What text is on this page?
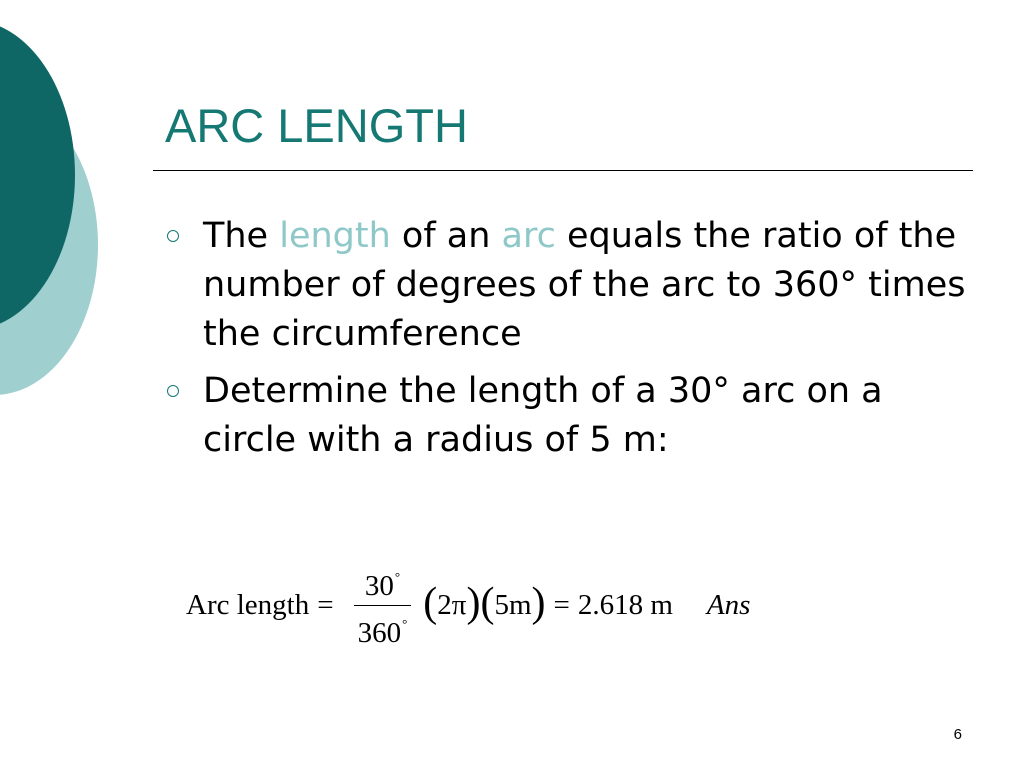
ARC LENGTH
The length of an arc equals the ratio of the number of degrees of the arc to 360° times the circumference
Determine the length of a 30° arc on a circle with a radius of 5 m:
Arc length = $\frac{30^\circ}{360^\circ}$ ( 2π ) ( 5m ) = 2.618 m Ans
6
